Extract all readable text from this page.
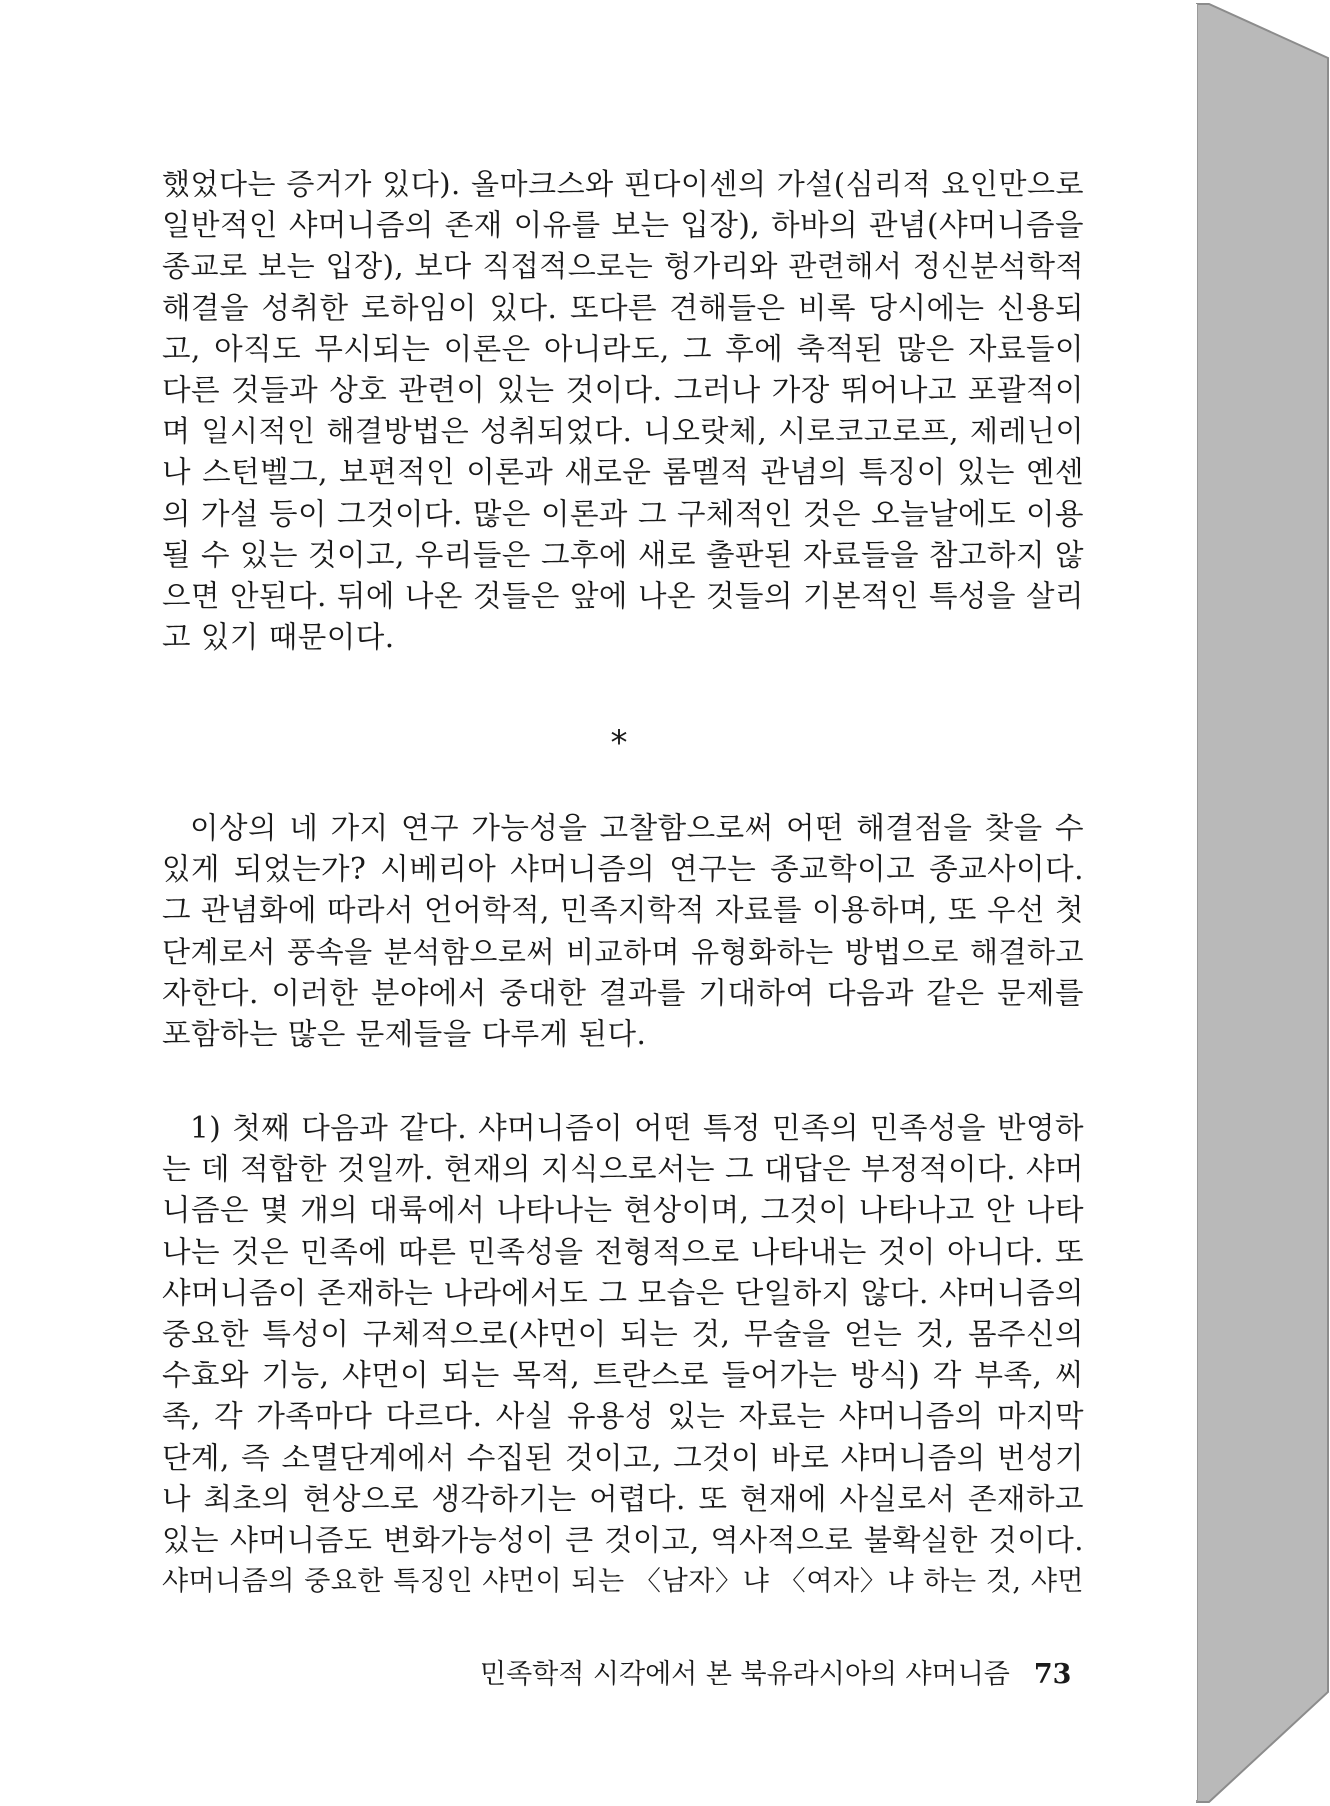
했었다는 증거가 있다). 올마크스와 핀다이센의 가설(심리적 요인만으로
일반적인 샤머니즘의 존재 이유를 보는 입장), 하바의 관념(샤머니즘을
종교로 보는 입장), 보다 직접적으로는 헝가리와 관련해서 정신분석학적
해결을 성취한 로하임이 있다. 또다른 견해들은 비록 당시에는 신용되
고, 아직도 무시되는 이론은 아니라도, 그 후에 축적된 많은 자료들이
다른 것들과 상호 관련이 있는 것이다. 그러나 가장 뛰어나고 포괄적이
며 일시적인 해결방법은 성취되었다. 니오랏체, 시로코고로프, 제레닌이
나 스턴벨그, 보편적인 이론과 새로운 롬멜적 관념의 특징이 있는 옌센
의 가설 등이 그것이다. 많은 이론과 그 구체적인 것은 오늘날에도 이용
될 수 있는 것이고, 우리들은 그후에 새로 출판된 자료들을 참고하지 않
으면 안된다. 뒤에 나온 것들은 앞에 나온 것들의 기본적인 특성을 살리
고 있기 때문이다.
*
이상의 네 가지 연구 가능성을 고찰함으로써 어떤 해결점을 찾을 수
있게 되었는가? 시베리아 샤머니즘의 연구는 종교학이고 종교사이다.
그 관념화에 따라서 언어학적, 민족지학적 자료를 이용하며, 또 우선 첫
단계로서 풍속을 분석함으로써 비교하며 유형화하는 방법으로 해결하고
자한다. 이러한 분야에서 중대한 결과를 기대하여 다음과 같은 문제를
포함하는 많은 문제들을 다루게 된다.
1) 첫째 다음과 같다. 샤머니즘이 어떤 특정 민족의 민족성을 반영하
는 데 적합한 것일까. 현재의 지식으로서는 그 대답은 부정적이다. 샤머
니즘은 몇 개의 대륙에서 나타나는 현상이며, 그것이 나타나고 안 나타
나는 것은 민족에 따른 민족성을 전형적으로 나타내는 것이 아니다. 또
샤머니즘이 존재하는 나라에서도 그 모습은 단일하지 않다. 샤머니즘의
중요한 특성이 구체적으로(샤먼이 되는 것, 무술을 얻는 것, 몸주신의
수효와 기능, 샤먼이 되는 목적, 트란스로 들어가는 방식) 각 부족, 씨
족, 각 가족마다 다르다. 사실 유용성 있는 자료는 샤머니즘의 마지막
단계, 즉 소멸단계에서 수집된 것이고, 그것이 바로 샤머니즘의 번성기
나 최초의 현상으로 생각하기는 어렵다. 또 현재에 사실로서 존재하고
있는 샤머니즘도 변화가능성이 큰 것이고, 역사적으로 불확실한 것이다.
샤머니즘의 중요한 특징인 샤먼이 되는 〈남자〉냐 〈여자〉냐 하는 것, 샤먼
민족학적 시각에서 본 북유라시아의 샤머니즘 73
